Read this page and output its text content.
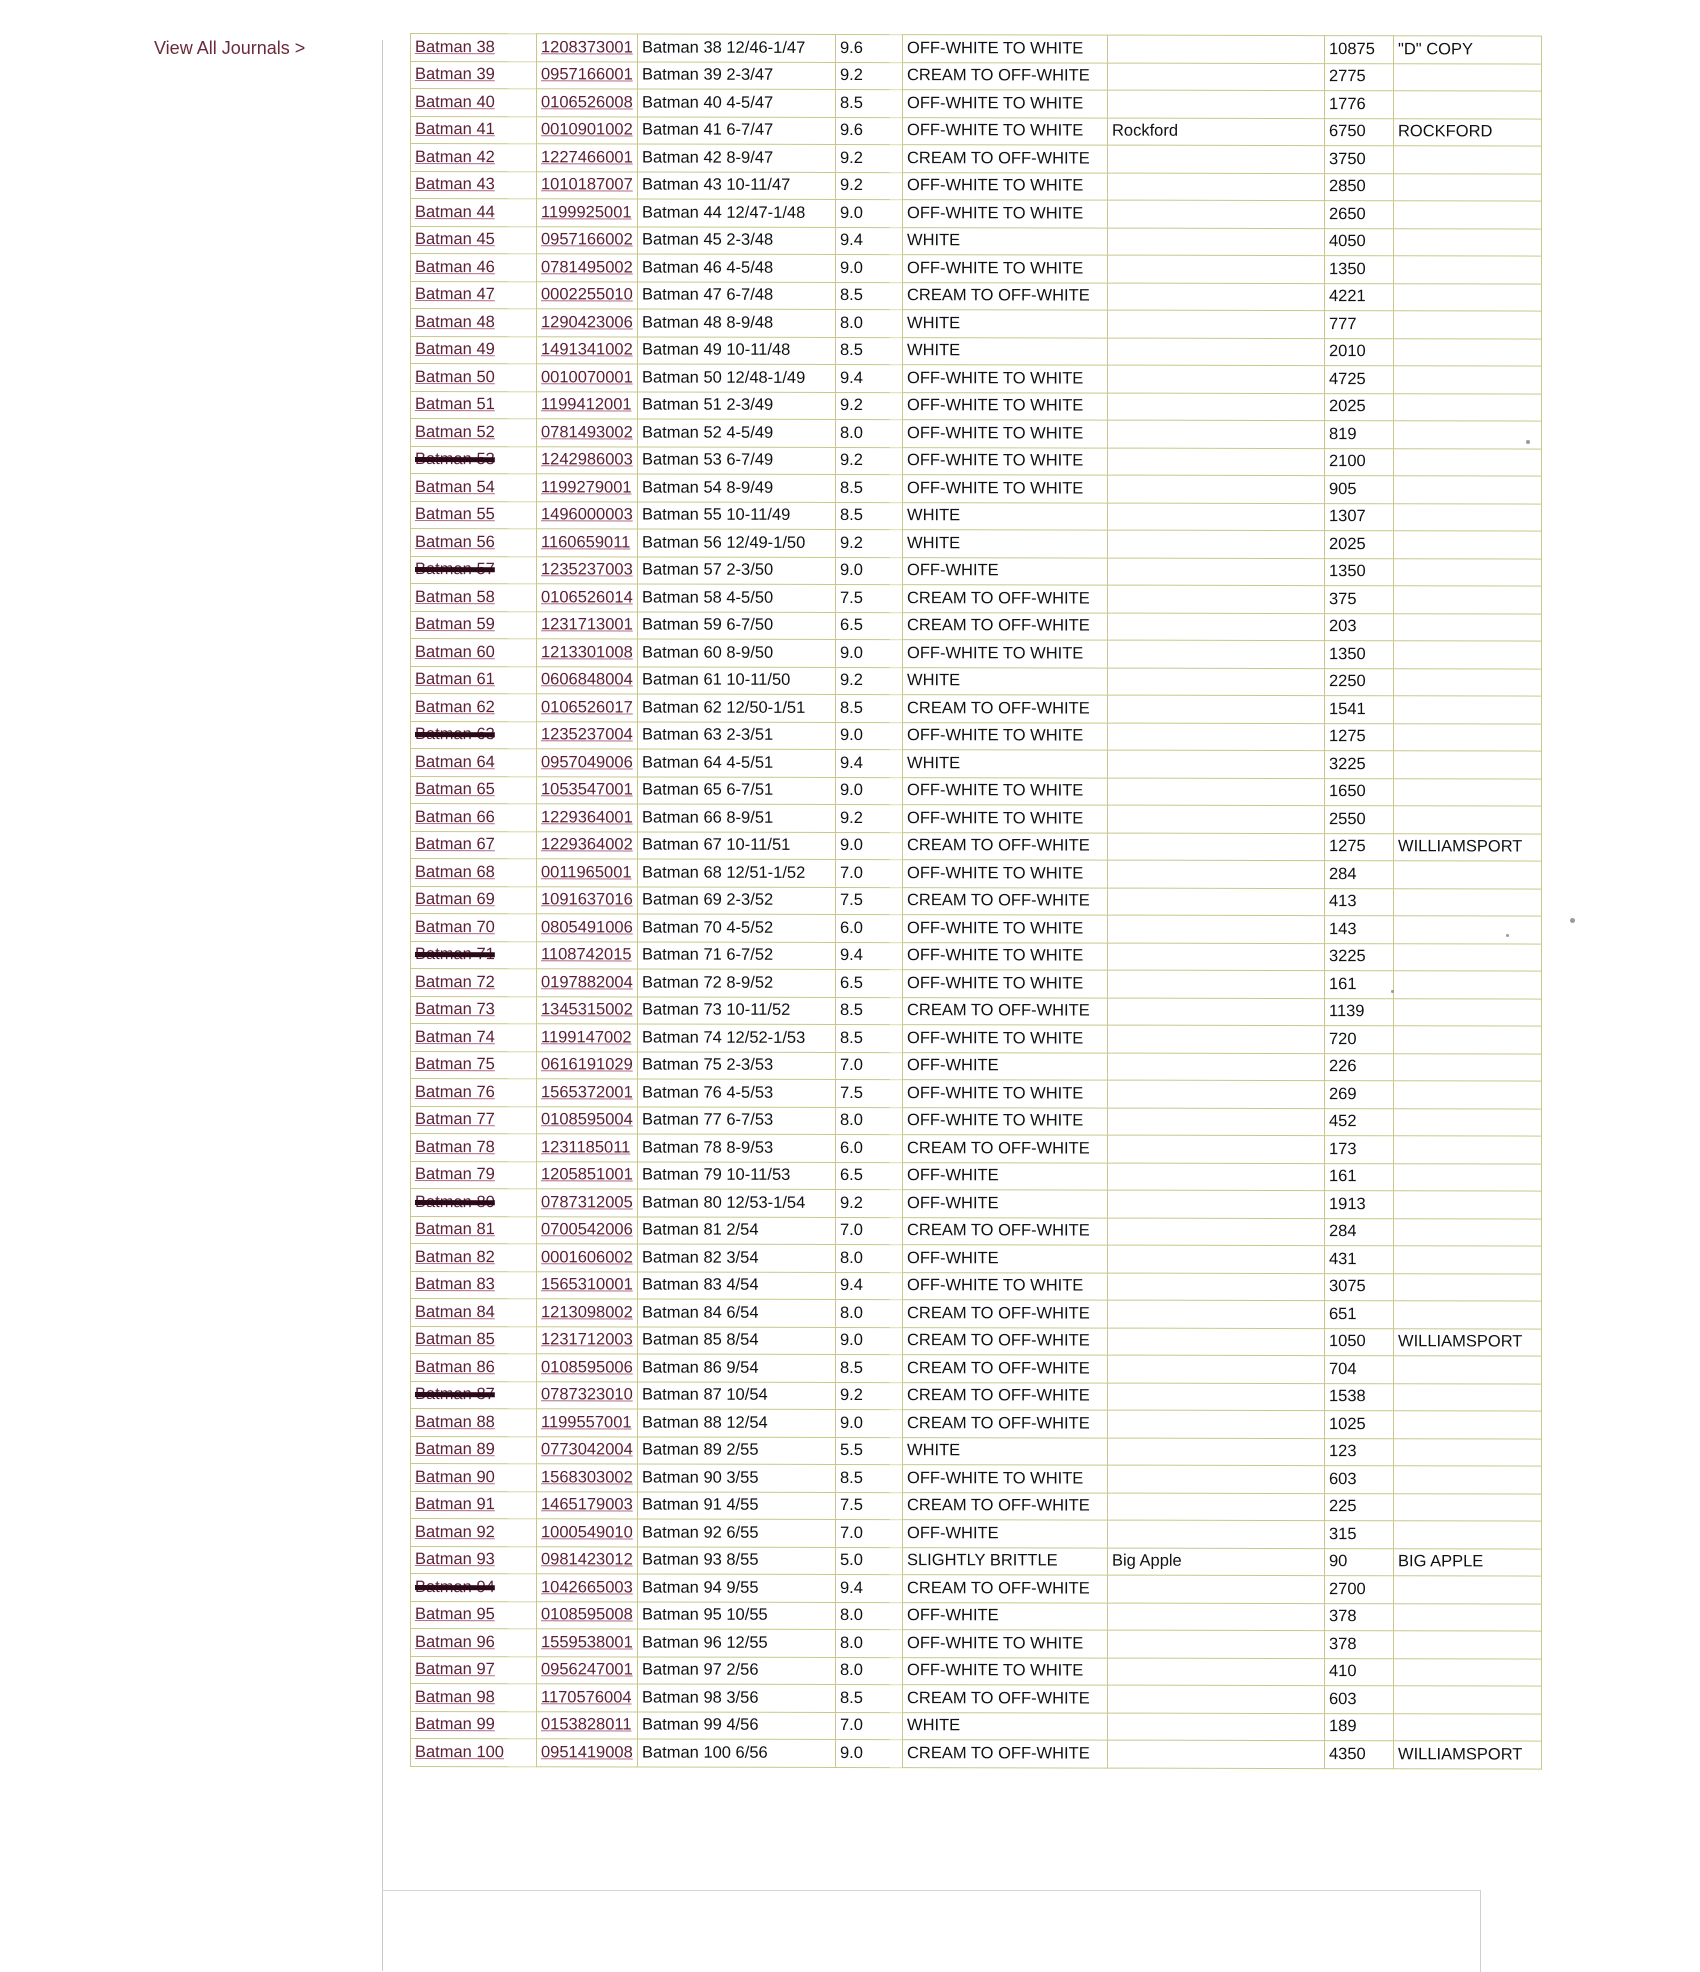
View All Journals >	Batman 38	1208373001	Batman 38 12/46-1/47	9.6	OFF-WHITE TO WHITE		10875	"D" COPY
Batman 39	0957166001	Batman 39 2-3/47	9.2	CREAM TO OFF-WHITE		2775	
Batman 40	0106526008	Batman 40 4-5/47	8.5	OFF-WHITE TO WHITE		1776	
Batman 41	0010901002	Batman 41 6-7/47	9.6	OFF-WHITE TO WHITE	Rockford	6750	ROCKFORD
Batman 42	1227466001	Batman 42 8-9/47	9.2	CREAM TO OFF-WHITE		3750	
Batman 43	1010187007	Batman 43 10-11/47	9.2	OFF-WHITE TO WHITE		2850	
Batman 44	1199925001	Batman 44 12/47-1/48	9.0	OFF-WHITE TO WHITE		2650	
Batman 45	0957166002	Batman 45 2-3/48	9.4	WHITE		4050	
Batman 46	0781495002	Batman 46 4-5/48	9.0	OFF-WHITE TO WHITE		1350	
Batman 47	0002255010	Batman 47 6-7/48	8.5	CREAM TO OFF-WHITE		4221	
Batman 48	1290423006	Batman 48 8-9/48	8.0	WHITE		777	
Batman 49	1491341002	Batman 49 10-11/48	8.5	WHITE		2010	
Batman 50	0010070001	Batman 50 12/48-1/49	9.4	OFF-WHITE TO WHITE		4725	
Batman 51	1199412001	Batman 51 2-3/49	9.2	OFF-WHITE TO WHITE		2025	
Batman 52	0781493002	Batman 52 4-5/49	8.0	OFF-WHITE TO WHITE		819	
Batman 53	1242986003	Batman 53 6-7/49	9.2	OFF-WHITE TO WHITE		2100	
Batman 54	1199279001	Batman 54 8-9/49	8.5	OFF-WHITE TO WHITE		905	
Batman 55	1496000003	Batman 55 10-11/49	8.5	WHITE		1307	
Batman 56	1160659011	Batman 56 12/49-1/50	9.2	WHITE		2025	
Batman 57	1235237003	Batman 57 2-3/50	9.0	OFF-WHITE		1350	
Batman 58	0106526014	Batman 58 4-5/50	7.5	CREAM TO OFF-WHITE		375	
Batman 59	1231713001	Batman 59 6-7/50	6.5	CREAM TO OFF-WHITE		203	
Batman 60	1213301008	Batman 60 8-9/50	9.0	OFF-WHITE TO WHITE		1350	
Batman 61	0606848004	Batman 61 10-11/50	9.2	WHITE		2250	
Batman 62	0106526017	Batman 62 12/50-1/51	8.5	CREAM TO OFF-WHITE		1541	
Batman 63	1235237004	Batman 63 2-3/51	9.0	OFF-WHITE TO WHITE		1275	
Batman 64	0957049006	Batman 64 4-5/51	9.4	WHITE		3225	
Batman 65	1053547001	Batman 65 6-7/51	9.0	OFF-WHITE TO WHITE		1650	
Batman 66	1229364001	Batman 66 8-9/51	9.2	OFF-WHITE TO WHITE		2550	
Batman 67	1229364002	Batman 67 10-11/51	9.0	CREAM TO OFF-WHITE		1275	WILLIAMSPORT
Batman 68	0011965001	Batman 68 12/51-1/52	7.0	OFF-WHITE TO WHITE		284	
Batman 69	1091637016	Batman 69 2-3/52	7.5	CREAM TO OFF-WHITE		413	
Batman 70	0805491006	Batman 70 4-5/52	6.0	OFF-WHITE TO WHITE		143	
Batman 71	1108742015	Batman 71 6-7/52	9.4	OFF-WHITE TO WHITE		3225	
Batman 72	0197882004	Batman 72 8-9/52	6.5	OFF-WHITE TO WHITE		161	
Batman 73	1345315002	Batman 73 10-11/52	8.5	CREAM TO OFF-WHITE		1139	
Batman 74	1199147002	Batman 74 12/52-1/53	8.5	OFF-WHITE TO WHITE		720	
Batman 75	0616191029	Batman 75 2-3/53	7.0	OFF-WHITE		226	
Batman 76	1565372001	Batman 76 4-5/53	7.5	OFF-WHITE TO WHITE		269	
Batman 77	0108595004	Batman 77 6-7/53	8.0	OFF-WHITE TO WHITE		452	
Batman 78	1231185011	Batman 78 8-9/53	6.0	CREAM TO OFF-WHITE		173	
Batman 79	1205851001	Batman 79 10-11/53	6.5	OFF-WHITE		161	
Batman 80	0787312005	Batman 80 12/53-1/54	9.2	OFF-WHITE		1913	
Batman 81	0700542006	Batman 81 2/54	7.0	CREAM TO OFF-WHITE		284	
Batman 82	0001606002	Batman 82 3/54	8.0	OFF-WHITE		431	
Batman 83	1565310001	Batman 83 4/54	9.4	OFF-WHITE TO WHITE		3075	
Batman 84	1213098002	Batman 84 6/54	8.0	CREAM TO OFF-WHITE		651	
Batman 85	1231712003	Batman 85 8/54	9.0	CREAM TO OFF-WHITE		1050	WILLIAMSPORT
Batman 86	0108595006	Batman 86 9/54	8.5	CREAM TO OFF-WHITE		704	
Batman 87	0787323010	Batman 87 10/54	9.2	CREAM TO OFF-WHITE		1538	
Batman 88	1199557001	Batman 88 12/54	9.0	CREAM TO OFF-WHITE		1025	
Batman 89	0773042004	Batman 89 2/55	5.5	WHITE		123	
Batman 90	1568303002	Batman 90 3/55	8.5	OFF-WHITE TO WHITE		603	
Batman 91	1465179003	Batman 91 4/55	7.5	CREAM TO OFF-WHITE		225	
Batman 92	1000549010	Batman 92 6/55	7.0	OFF-WHITE		315	
Batman 93	0981423012	Batman 93 8/55	5.0	SLIGHTLY BRITTLE	Big Apple	90	BIG APPLE
Batman 94	1042665003	Batman 94 9/55	9.4	CREAM TO OFF-WHITE		2700	
Batman 95	0108595008	Batman 95 10/55	8.0	OFF-WHITE		378	
Batman 96	1559538001	Batman 96 12/55	8.0	OFF-WHITE TO WHITE		378	
Batman 97	0956247001	Batman 97 2/56	8.0	OFF-WHITE TO WHITE		410	
Batman 98	1170576004	Batman 98 3/56	8.5	CREAM TO OFF-WHITE		603	
Batman 99	0153828011	Batman 99 4/56	7.0	WHITE		189	
Batman 100	0951419008	Batman 100 6/56	9.0	CREAM TO OFF-WHITE		4350	WILLIAMSPORT
